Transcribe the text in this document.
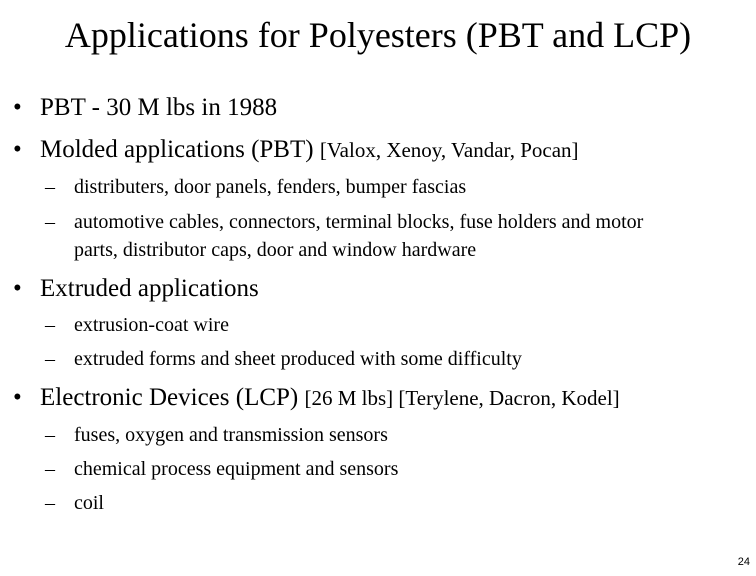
Applications for Polyesters (PBT and LCP)
• PBT - 30 M lbs in 1988
• Molded applications (PBT) [Valox, Xenoy, Vandar, Pocan]
– distributers, door panels, fenders, bumper fascias
– automotive cables, connectors, terminal blocks, fuse holders and motor
parts, distributor caps, door and window hardware
• Extruded applications
– extrusion-coat wire
– extruded forms and sheet produced with some difficulty
• Electronic Devices (LCP) [26 M lbs] [Terylene, Dacron, Kodel]
– fuses, oxygen and transmission sensors
– chemical process equipment and sensors
– coil
24
